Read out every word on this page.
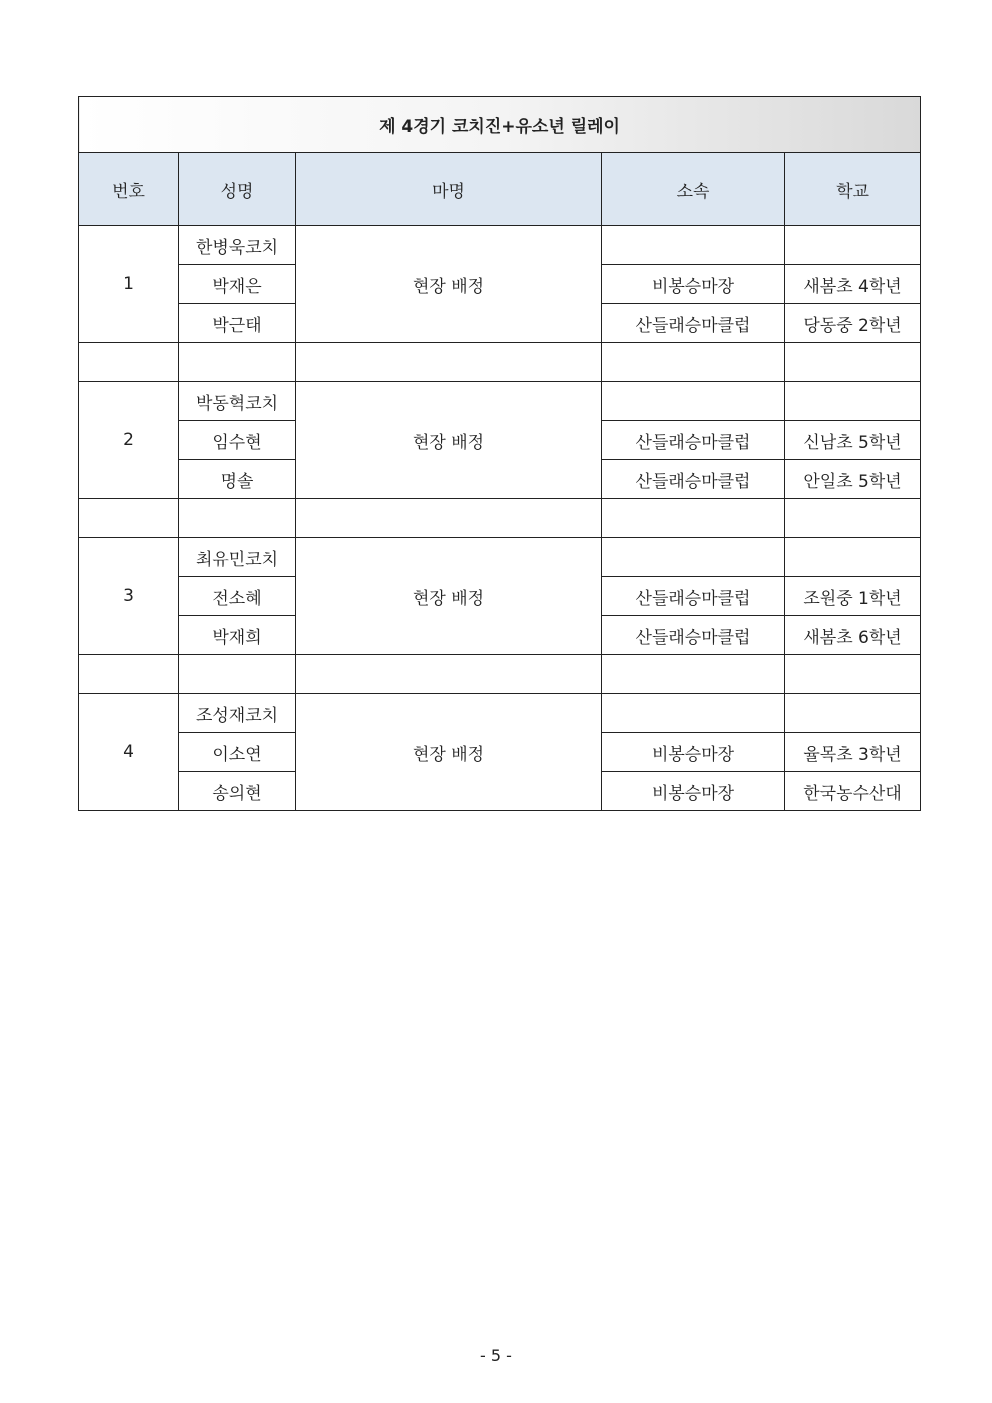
제 4경기 코치진+유소년 릴레이				
번호	성명	마명	소속	학교
1	한병욱코치	현장 배정		
	박재은		비봉승마장	새봄초 4학년
	박근태		산들래승마클럽	당동중 2학년

2	박동혁코치	현장 배정		
	임수현		산들래승마클럽	신남초 5학년
	명솔		산들래승마클럽	안일초 5학년

3	최유민코치	현장 배정		
	전소혜		산들래승마클럽	조원중 1학년
	박재희		산들래승마클럽	새봄초 6학년

4	조성재코치	현장 배정		
	이소연		비봉승마장	율목초 3학년
	송의현		비봉승마장	한국농수산대
- 5 -
